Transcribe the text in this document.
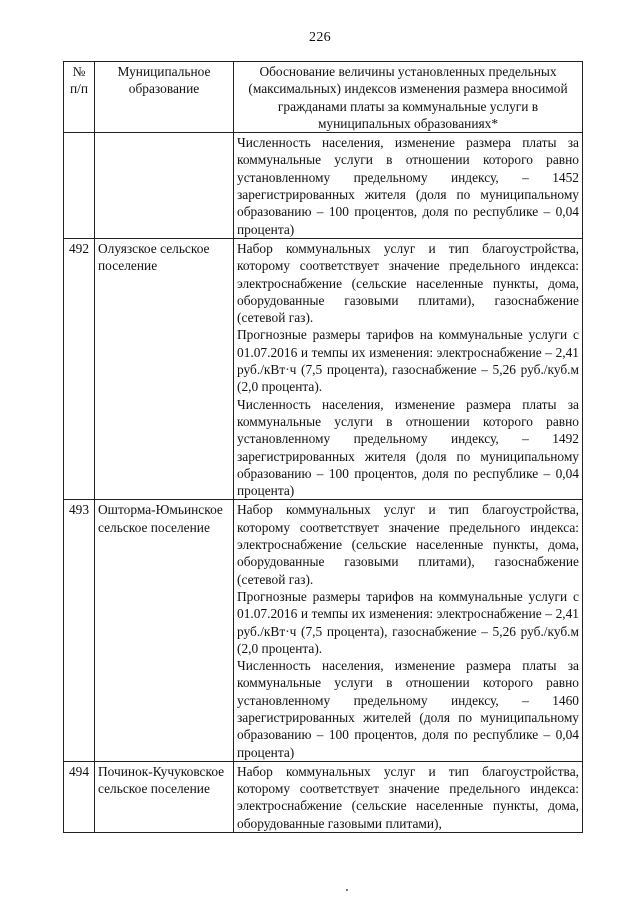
226
№ п/п	Муниципальное образование	Обоснование величины установленных предельных (максимальных) индексов изменения размера вносимой гражданами платы за коммунальные услуги в муниципальных образованиях*

		Численность населения, изменение размера платы за коммунальные услуги в отношении которого равно установленному предельному индексу, – 1452 зарегистрированных жителя (доля по муниципальному образованию – 100 процентов, доля по республике – 0,04 процента)

492	Олуязское сельское поселение	Набор коммунальных услуг и тип благоустройства, которому соответствует значение предельного индекса: электроснабжение (сельские населенные пункты, дома, оборудованные газовыми плитами), газоснабжение (сетевой газ).
Прогнозные размеры тарифов на коммунальные услуги с 01.07.2016 и темпы их изменения: электроснабжение – 2,41 руб./кВт·ч (7,5 процента), газоснабжение – 5,26 руб./куб.м (2,0 процента).
Численность населения, изменение размера платы за коммунальные услуги в отношении которого равно установленному предельному индексу, – 1492 зарегистрированных жителя (доля по муниципальному образованию – 100 процентов, доля по республике – 0,04 процента)

493	Ошторма-Юмьинское сельское поселение	Набор коммунальных услуг и тип благоустройства, которому соответствует значение предельного индекса: электроснабжение (сельские населенные пункты, дома, оборудованные газовыми плитами), газоснабжение (сетевой газ).
Прогнозные размеры тарифов на коммунальные услуги с 01.07.2016 и темпы их изменения: электроснабжение – 2,41 руб./кВт·ч (7,5 процента), газоснабжение – 5,26 руб./куб.м (2,0 процента).
Численность населения, изменение размера платы за коммунальные услуги в отношении которого равно установленному предельному индексу, – 1460 зарегистрированных жителей (доля по муниципальному образованию – 100 процентов, доля по республике – 0,04 процента)

494	Починок-Кучуковское сельское поселение	Набор коммунальных услуг и тип благоустройства, которому соответствует значение предельного индекса: электроснабжение (сельские населенные пункты, дома, оборудованные газовыми плитами),
